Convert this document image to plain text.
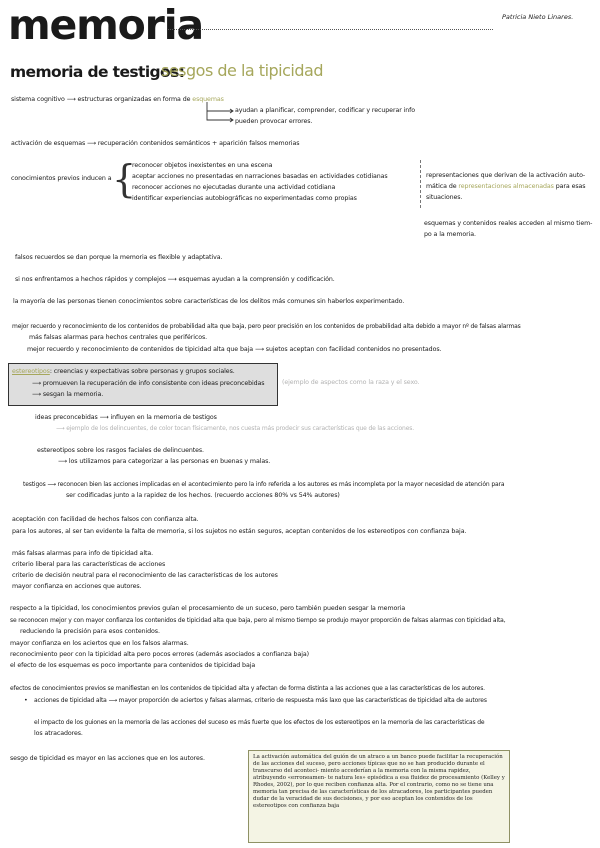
memoria	Patricia Nieto Linares.
memoria de testigos:
sesgos de la tipicidad
sistema cognitivo ⟶ estructuras organizadas en forma de esquemas
ayudan a planificar, comprender, codificar y recuperar info
pueden provocar errores.
activación de esquemas ⟶ recuperación contenidos semánticos + aparición falsos memorias
conocimientos previos inducen a {
reconocer objetos inexistentes en una escena
aceptar acciones no presentadas en narraciones basadas en actividades cotidianas
reconocer acciones no ejecutadas durante una actividad cotidiana
identificar experiencias autobiográficas no experimentadas como propias
representaciones que derivan de la activación auto-
mática de representaciones almacenadas para esas
situaciones.
esquemas y contenidos reales acceden al mismo tiem-
po a la memoria.
falsos recuerdos se dan porque la memoria es flexible y adaptativa.
si nos enfrentamos a hechos rápidos y complejos ⟶ esquemas ayudan a la comprensión y codificación.
la mayoría de las personas tienen conocimientos sobre características de los delitos más comunes sin haberlos experimentado.
mejor recuerdo y reconocimiento de los contenidos de probabilidad alta que baja, pero peor precisión en los contenidos de probabilidad alta debido a mayor nº de falsas alarmas
más falsas alarmas para hechos centrales que periféricos.
mejor recuerdo y reconocimiento de contenidos de tipicidad alta que baja ⟶ sujetos aceptan con facilidad contenidos no presentados.
estereotipos: creencias y expectativas sobre personas y grupos sociales.
⟶ promueven la recuperación de info consistente con ideas preconcebidas
⟶ sesgan la memoria.
(ejemplo de aspectos como la raza y el sexo.
ideas preconcebidas ⟶ influyen en la memoria de testigos
⟶ ejemplo de los delincuentes, de color tocan físicamente, nos cuesta más prodecir sus características que de las acciones.
estereotipos sobre los rasgos faciales de delincuentes.
⟶ los utilizamos para categorizar a las personas en buenas y malas.
testigos ⟶ reconocen bien las acciones implicadas en el acontecimiento pero la info referida a los autores es más incompleta por la mayor necesidad de atención para
ser codificadas junto a la rapidez de los hechos. (recuerdo acciones 80% vs 54% autores)
aceptación con facilidad de hechos falsos con confianza alta.
para los autores, al ser tan evidente la falta de memoria, si los sujetos no están seguros, aceptan contenidos de los estereotipos con confianza baja.
más falsas alarmas para info de tipicidad alta.
criterio liberal para las características de acciones
criterio de decisión neutral para el reconocimiento de las características de los autores
mayor confianza en acciones que autores.
respecto a la tipicidad, los conocimientos previos guían el procesamiento de un suceso, pero también pueden sesgar la memoria
se reconocen mejor y con mayor confianza los contenidos de tipicidad alta que baja, pero al mismo tiempo se produjo mayor proporción de falsas alarmas con tipicidad alta,
reduciendo la precisión para esos contenidos.
mayor confianza en los aciertos que en los falsos alarmas.
reconocimiento peor con la tipicidad alta pero pocos errores (además asociados a confianza baja)
el efecto de los esquemas es poco importante para contenidos de tipicidad baja
efectos de conocimientos previos se manifiestan en los contenidos de tipicidad alta y afectan de forma distinta a las acciones que a las características de los autores.
acciones de tipicidad alta ⟶ mayor proporción de aciertos y falsas alarmas, criterio de respuesta más laxo que las características de tipicidad alta de autores
•
el impacto de los guiones en la memoria de las acciones del suceso es más fuerte que los efectos de los estereotipos en la memoria de las características de
los atracadores.
sesgo de tipicidad es mayor en las acciones que en los autores.	La activación automática del guión de un atraco a un banco puede facilitar la recuperación de las acciones del suceso, pero acciones típicas que no se han producido durante el transcurso del aconteci- miento accederían a la memoria con la misma rapidez, atribuyendo «erroneamen- te natura les» episódica a esa fluidez de procesamiento (Kelley y Rhodes, 2002), por lo que reciben confianza alta. Por el contrario, como no se tiene una memoria tan precisa de las características de los atracadores, los participantes pueden dudar de la veracidad de sus decisiones, y por eso aceptan los contenidos de los estereotipos con confianza baja
